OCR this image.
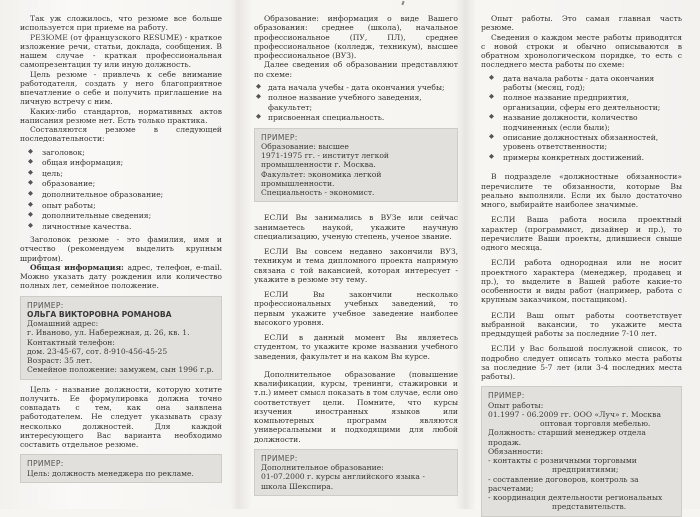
Так уж сложилось, что резюме все больше используется при приеме на работу.

РЕЗЮМЕ (от французского RESUME) - краткое изложение речи, статьи, доклада, сообщения. В нашем случае - краткая профессиональная самопрезентация ту или иную должность.

Цель резюме - привлечь к себе внимание работодателя, создать у него благоприятное впечатление о себе и получить приглашение на личную встречу с ним.

Каких-либо стандартов, нормативных актов написания резюме нет. Есть только практика.

Составляются резюме в следующей последовательности:

◆ заголовок;
◆ общая информация;
◆ цель;
◆ образование;
◆ дополнительное образование;
◆ опыт работы;
◆ дополнительные сведения;
◆ личностные качества.

Заголовок резюме - это фамилия, имя и отчество (рекомендуем выделить крупным шрифтом).

Общая информация: адрес, телефон, e-mail. Можно указать дату рождения или количество полных лет, семейное положение.

ПРИМЕР:
ОЛЬГА ВИКТОРОВНА РОМАНОВА
Домашний адрес:
г. Иваново, ул. Набережная, д. 26, кв. 1.
Контактный телефон:
дом. 23-45-67, сот. 8-910-456-45-25
Возраст: 35 лет.
Семейное положение: замужем, сын 1996 г.р.

Цель - название должности, которую хотите получить. Ее формулировка должна точно совпадать с тем, как она заявлена работодателем. Не следует указывать сразу несколько должностей. Для каждой интересующего Вас варианта необходимо составить отдельное резюме.

ПРИМЕР:
Цель: должность менеджера по рекламе.

Образование: информация о виде Вашего образования: среднее (школа), начальное профессиональное (ПУ, ПЛ), среднее профессиональное (колледж, техникум), высшее профессиональное (ВУЗ).

Далее сведения об образовании представляют по схеме:

◆ дата начала учебы - дата окончания учебы;
◆ полное название учебного заведения, факультет;
◆ присвоенная специальность.
ПРИМЕР:
Образование: высшее
1971-1975 гг. - институт легкой
промышленности г. Москва.
Факультет: экономика легкой промышленности.
Специальность - экономист.

ЕСЛИ Вы занимались в ВУЗе или сейчас занимаетесь наукой, укажите научную специализацию, ученую степень, ученое звание.

ЕСЛИ Вы совсем недавно закончили ВУЗ, техникум и тема дипломного проекта напрямую связана с той вакансией, которая интересует - укажите в резюме эту тему.

ЕСЛИ Вы закончили несколько профессиональных учебных заведений, то первым укажите учебное заведение наиболее высокого уровня.

ЕСЛИ в данный момент Вы являетесь студентом, то укажите кроме названия учебного заведения, факультет и на каком Вы курсе.

Дополнительное образование (повышение квалификации, курсы, тренинги, стажировки и т.п.) имеет смысл показать в том случае, если оно соответствует цели. Помните, что курсы изучения иностранных языков или компьютерных программ являются универсальными и подходящими для любой должности.

ПРИМЕР:
Дополнительное образование:
01-07.2000 г. курсы английского языка -
школа Шекспира.

Опыт работы. Это самая главная часть резюме.

Сведения о каждом месте работы приводятся с новой строки и обычно описываются в обратном хронологическом порядке, то есть с последнего места работы по схеме:

◆ дата начала работы - дата окончания работы (месяц, год);
◆ полное название предприятия, организации, сферы его деятельности;
◆ название должности, количество подчиненных (если были);
◆ описание должностных обязанностей, уровень ответственности;
◆ примеры конкретных достижений.

В подразделе «должностные обязанности» перечислите те обязанности, которые Вы реально выполняли. Если их было достаточно много, выбирайте наиболее значимые.

ЕСЛИ Ваша работа носила проектный характер (программист, дизайнер и пр.), то перечислите Ваши проекты, длившиеся свыше одного месяца.

ЕСЛИ работа однородная или не носит проектного характера (менеджер, продавец и пр.), то выделите в Вашей работе какие-то особенности и виды работ (например, работа с крупным заказчиком, постащиком).

ЕСЛИ Ваш опыт работы соответствует выбранной вакансии, то укажите места предыдущей работы за последние 7-10 лет.

ЕСЛИ у Вас большой послужной список, то подробно следует описать только места работы за последние 5-7 лет (или 3-4 последних места работы).

ПРИМЕР:
Опыт работы:
01.1997 - 06.2009 гг. ООО «Луч» г. Москва
оптовая торговля мебелью.
Должность: старший менеджер отдела продаж.
Обязанности:
- контакты с розничными торговыми
предприятиями;
- составление договоров, контроль за расчетами;
- координация деятельности региональных
представительств.
